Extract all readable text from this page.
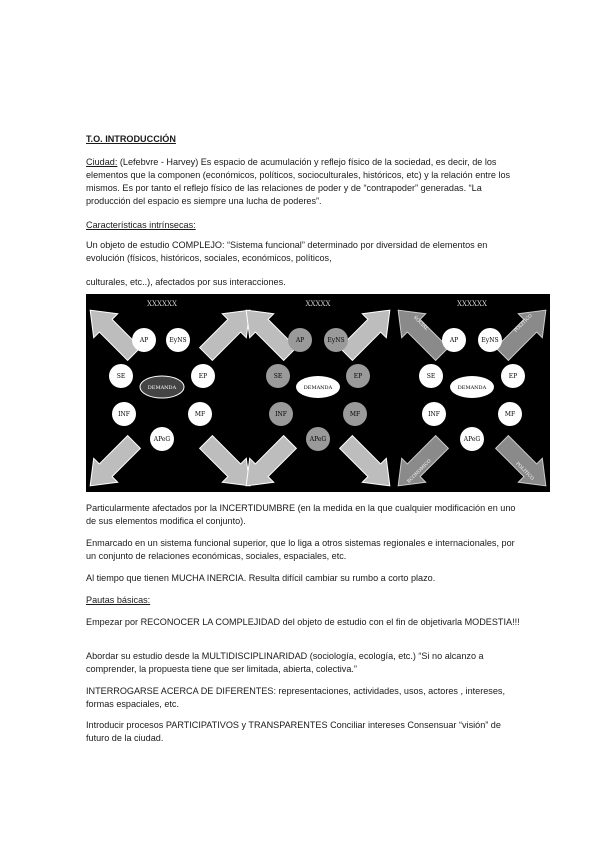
T.O. INTRODUCCIÓN

Ciudad: (Lefebvre - Harvey) Es espacio de acumulación y reflejo físico de la sociedad, es decir, de los elementos que la componen (económicos, políticos, socioculturales, históricos, etc) y la relación entre los mismos. Es por tanto el reflejo físico de las relaciones de poder y de “contrapoder” generadas. “La producción del espacio es siempre una lucha de poderes”.

Características intrínsecas:

Un objeto de estudio COMPLEJO: “Sistema funcional” determinado por diversidad de elementos en evolución (físicos, históricos, sociales, económicos, políticos,

culturales, etc..), afectados por sus interacciones.

XXXXXX
DEMANDA
AP	EyNS
SE	EP
INF	MF
APeG
XXXXX
DEMANDA
AP	EyNS
SE	EP
INF	MF
APeG
XXXXXX
SOCIAL	POLITICO
ECONOMICO	POLITICO
DEMANDA
AP	EyNS
SE	EP
INF	MF
APeG

Particularmente afectados por la INCERTIDUMBRE (en la medida en la que cualquier modificación en uno de sus elementos modifica el conjunto).

Enmarcado en un sistema funcional superior, que lo liga a otros sistemas regionales e internacionales, por un conjunto de relaciones económicas, sociales, espaciales, etc.

Al tiempo que tienen MUCHA INERCIA. Resulta difícil cambiar su rumbo a corto plazo.

Pautas básicas:

Empezar por RECONOCER LA COMPLEJIDAD del objeto de estudio con el fin de objetivarla MODESTIA!!!

Abordar su estudio desde la MULTIDISCIPLINARIDAD (sociología, ecología, etc.) “Si no alcanzo a comprender, la propuesta tiene que ser limitada, abierta, colectiva.”

INTERROGARSE ACERCA DE DIFERENTES: representaciones, actividades, usos, actores , intereses, formas espaciales, etc.

Introducir procesos PARTICIPATIVOS y TRANSPARENTES Conciliar intereses Consensuar “visión” de futuro de la ciudad.
